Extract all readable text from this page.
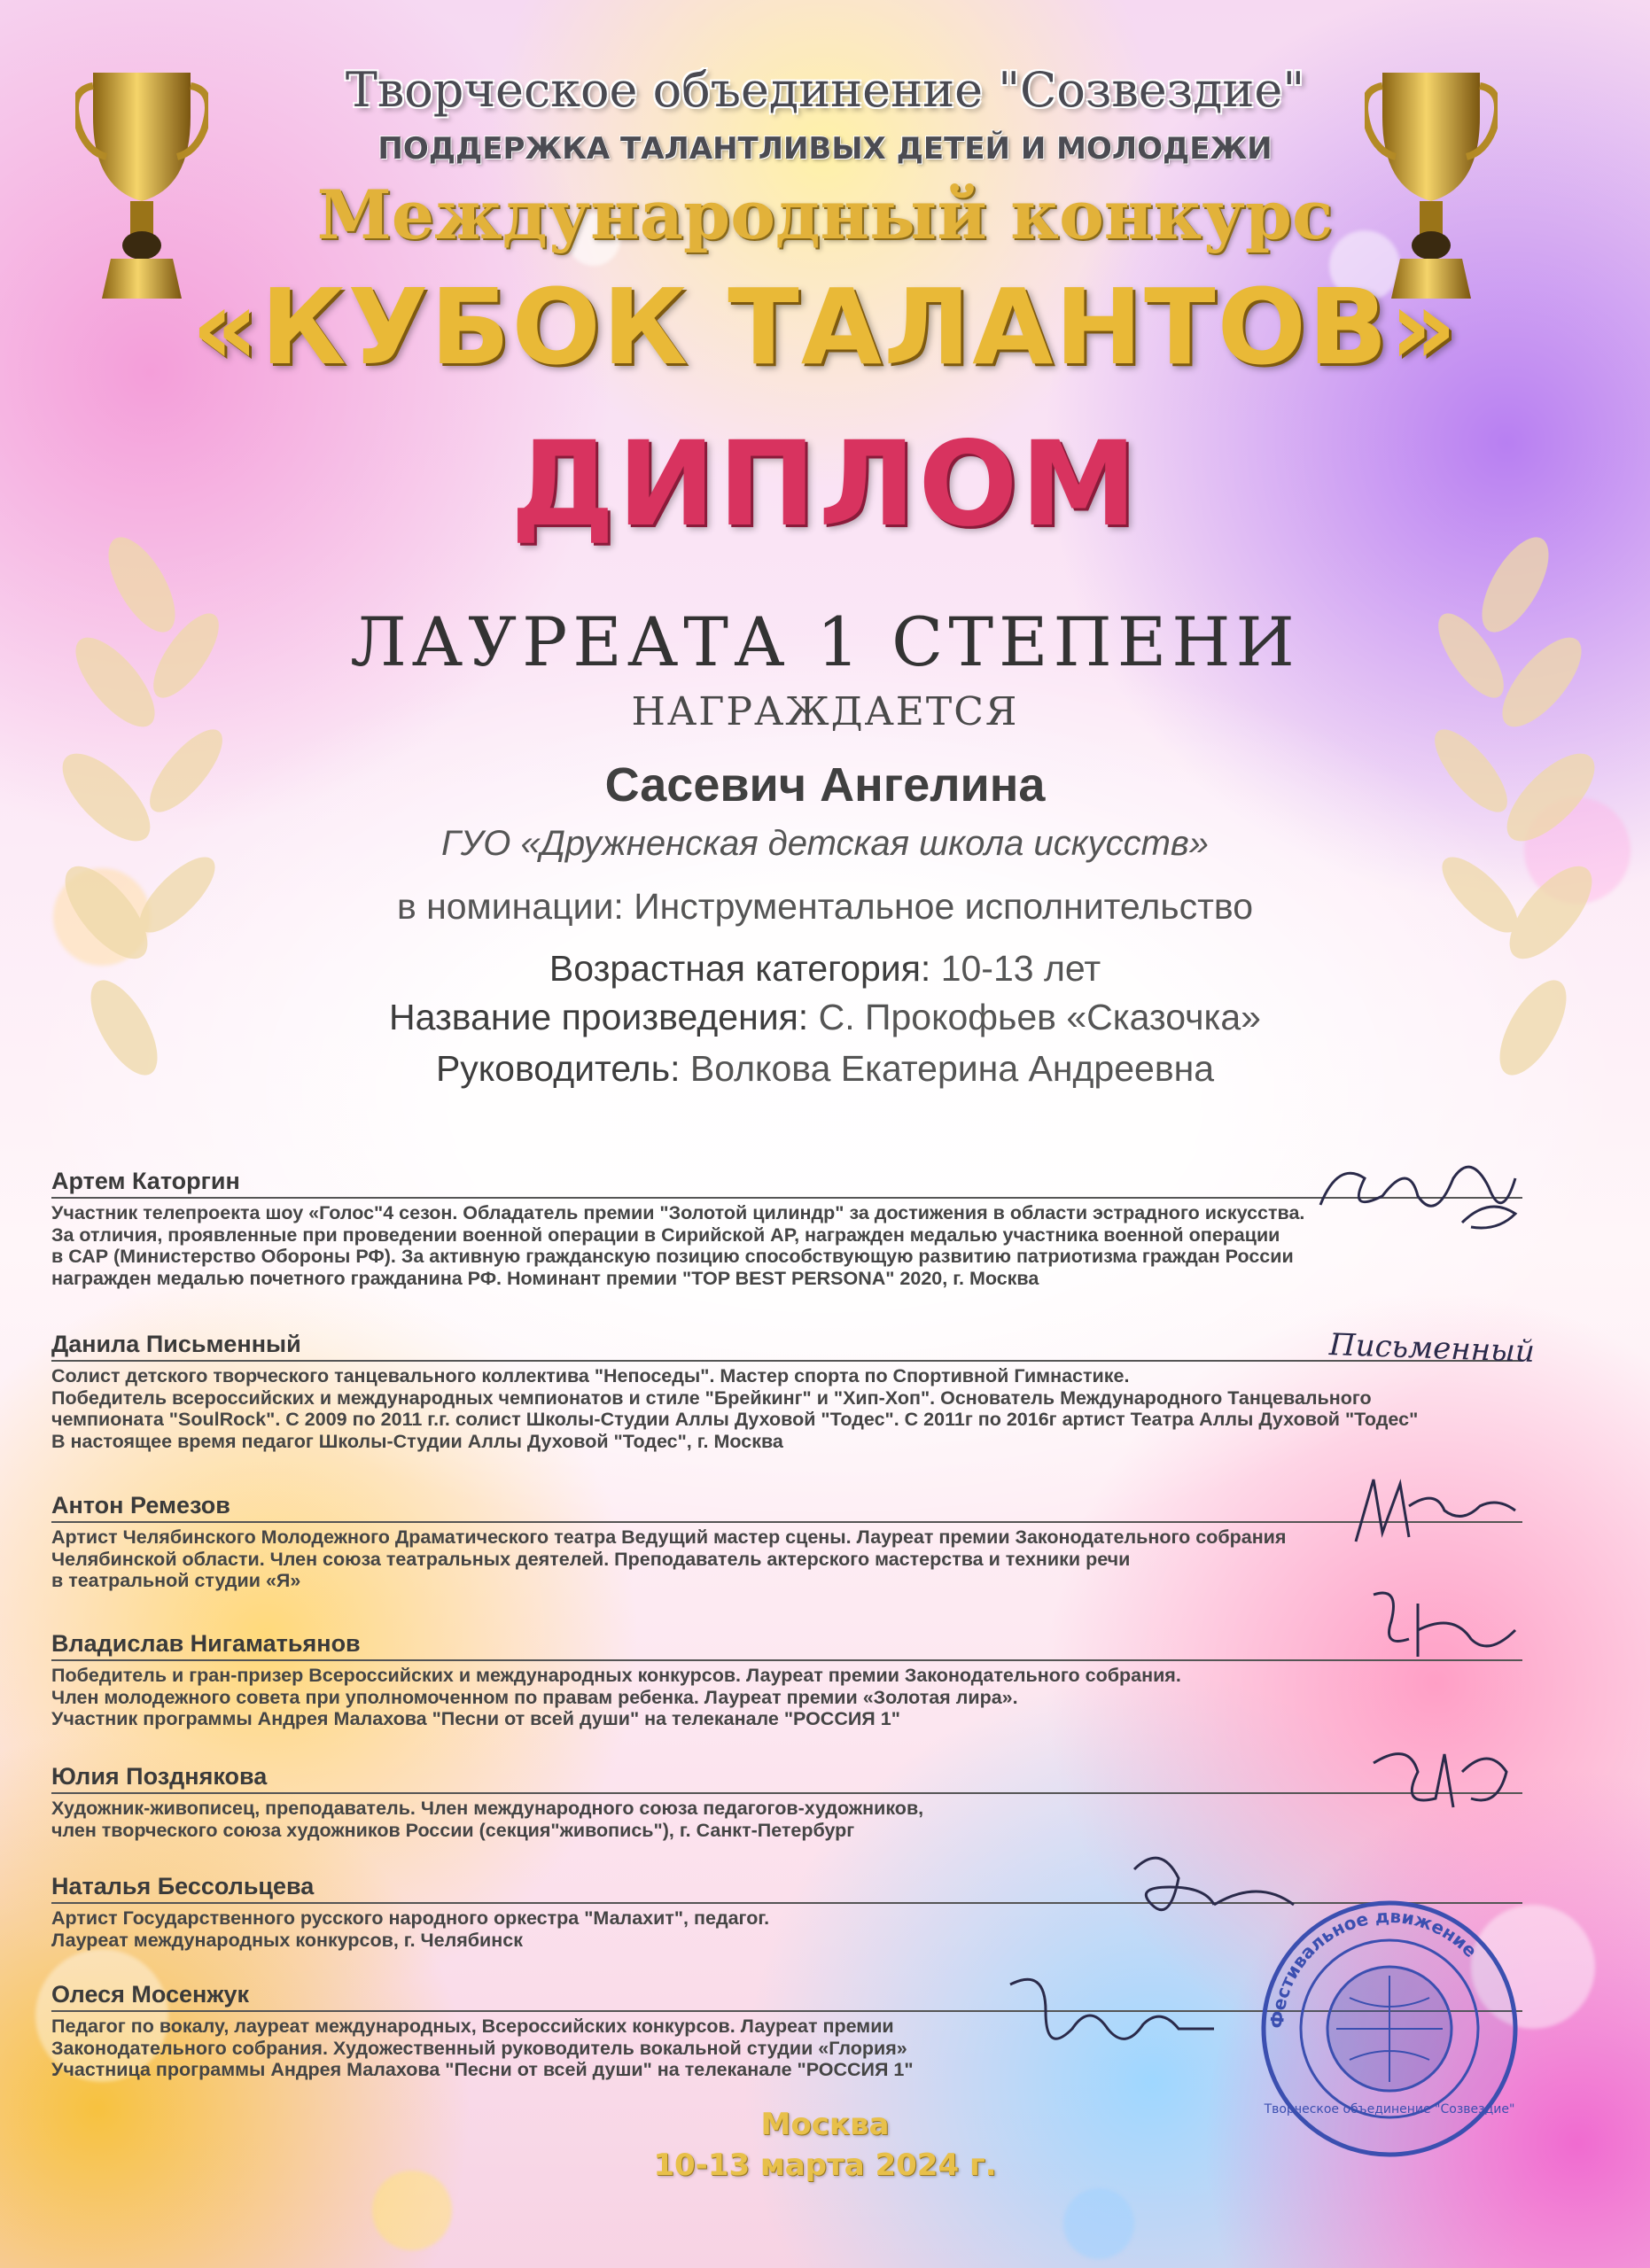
Творческое объединение "Созвездие"
ПОДДЕРЖКА ТАЛАНТЛИВЫХ ДЕТЕЙ И МОЛОДЕЖИ
Международный конкурс
«КУБОК ТАЛАНТОВ»
ДИПЛОМ
ЛАУРЕАТА 1 СТЕПЕНИ
НАГРАЖДАЕТСЯ
Сасевич Ангелина
ГУО «Дружненская детская школа искусств»
в номинации: Инструментальное исполнительство
Возрастная категория: 10-13 лет
Название произведения: С. Прокофьев «Сказочка»
Руководитель: Волкова Екатерина Андреевна
Артем Каторгин
Участник телепроекта шоу «Голос"4 сезон. Обладатель премии "Золотой цилиндр" за достижения в области эстрадного искусства.
За отличия, проявленные при проведении военной операции в Сирийской АР, награжден медалью участника военной операции
в САР (Министерство Обороны РФ). За активную гражданскую позицию способствующую развитию патриотизма граждан России
награжден медалью почетного гражданина РФ. Номинант премии "TOP BEST PERSONA" 2020, г. Москва
Данила Письменный
Солист детского творческого танцевального коллектива "Непоседы". Мастер спорта по Спортивной Гимнастике.
Победитель всероссийских и международных чемпионатов и стиле "Брейкинг" и "Хип-Хоп". Основатель Международного Танцевального
чемпионата "SoulRock". С 2009 по 2011 г.г. солист Школы-Студии Аллы Духовой "Тодес". С 2011г по 2016г артист Театра Аллы Духовой "Тодес"
В настоящее время педагог Школы-Студии Аллы Духовой "Тодес", г. Москва
Антон Ремезов
Артист Челябинского Молодежного Драматического театра Ведущий мастер сцены. Лауреат премии Законодательного собрания
Челябинской области. Член союза театральных деятелей. Преподаватель актерского мастерства и техники речи
в театральной студии «Я»
Владислав Нигаматьянов
Победитель и гран-призер Всероссийских и международных конкурсов. Лауреат премии Законодательного собрания.
Член молодежного совета при уполномоченном по правам ребенка. Лауреат премии «Золотая лира».
Участник программы Андрея Малахова "Песни от всей души" на телеканале "РОССИЯ 1"
Юлия Позднякова
Художник-живописец, преподаватель. Член международного союза педагогов-художников,
член творческого союза художников России (секция"живопись"), г. Санкт-Петербург
Наталья Бессольцева
Артист Государственного русского народного оркестра "Малахит", педагог.
Лауреат международных конкурсов, г. Челябинск
Олеся Мосенжук
Педагог по вокалу, лауреат международных, Всероссийских конкурсов. Лауреат премии
Законодательного собрания. Художественный руководитель вокальной студии «Глория»
Участница программы Андрея Малахова "Песни от всей души" на телеканале "РОССИЯ 1"
Письменный
Фестивальное движение
Творческое объединение "Созвездие"
Москва
10-13 марта 2024 г.
